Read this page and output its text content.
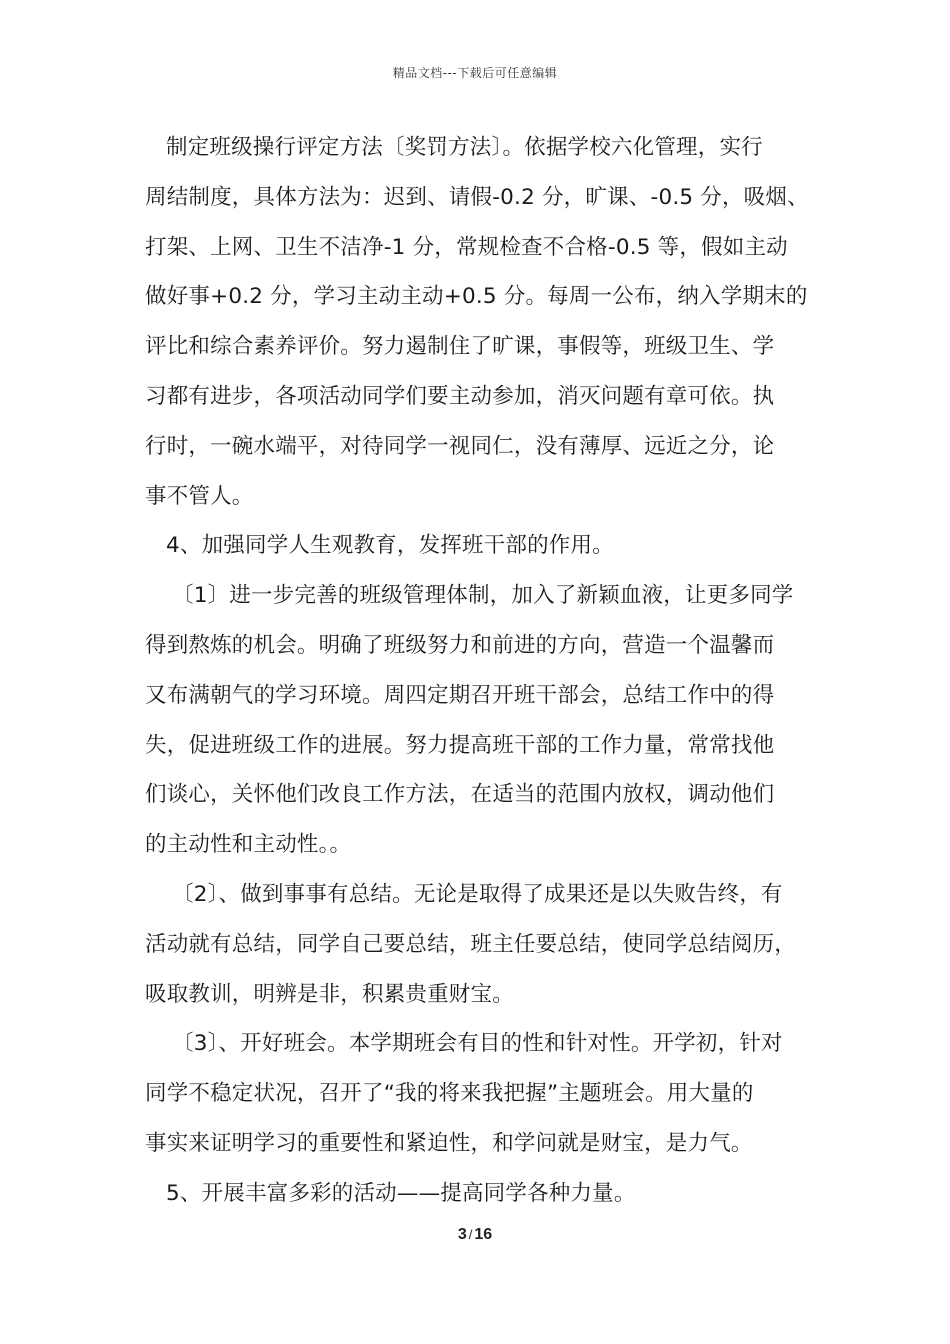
精品文档---下载后可任意编辑
制定班级操行评定方法〔奖罚方法〕。依据学校六化管理，实行
周结制度，具体方法为：迟到、请假-0.2 分，旷课、-0.5 分，吸烟、
打架、上网、卫生不洁净-1 分，常规检查不合格-0.5 等，假如主动
做好事+0.2 分，学习主动主动+0.5 分。每周一公布，纳入学期末的
评比和综合素养评价。努力遏制住了旷课，事假等，班级卫生、学
习都有进步，各项活动同学们要主动参加，消灭问题有章可依。执
行时，一碗水端平，对待同学一视同仁，没有薄厚、远近之分，论
事不管人。
4、加强同学人生观教育，发挥班干部的作用。
〔1〕进一步完善的班级管理体制，加入了新颖血液，让更多同学
得到熬炼的机会。明确了班级努力和前进的方向，营造一个温馨而
又布满朝气的学习环境。周四定期召开班干部会，总结工作中的得
失，促进班级工作的进展。努力提高班干部的工作力量，常常找他
们谈心，关怀他们改良工作方法，在适当的范围内放权，调动他们
的主动性和主动性。。
〔2〕、做到事事有总结。无论是取得了成果还是以失败告终，有
活动就有总结，同学自己要总结，班主任要总结，使同学总结阅历，
吸取教训，明辨是非，积累贵重财宝。
〔3〕、开好班会。本学期班会有目的性和针对性。开学初，针对
同学不稳定状况，召开了“我的将来我把握”主题班会。用大量的
事实来证明学习的重要性和紧迫性，和学问就是财宝，是力气。
5、开展丰富多彩的活动——提高同学各种力量。
3 / 16
